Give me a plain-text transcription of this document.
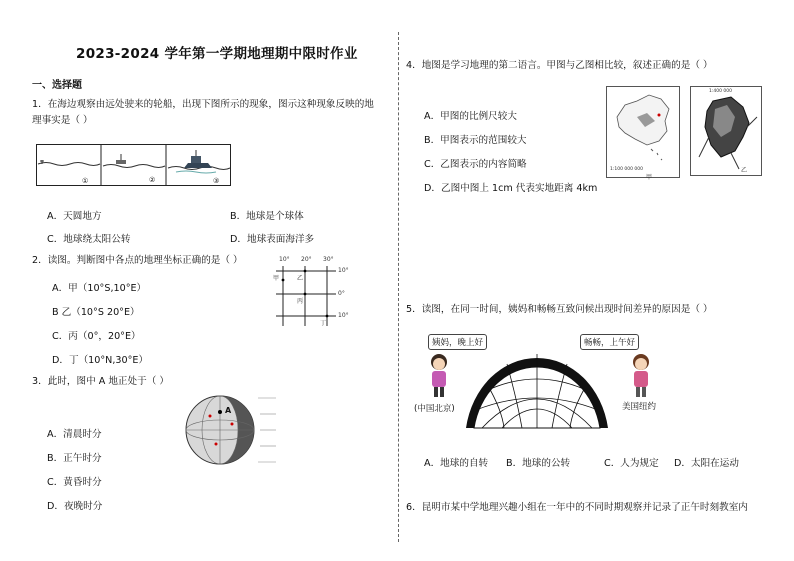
2023-2024 学年第一学期地理期中限时作业
一、选择题
1．在海边观察由远处驶来的轮船，出现下图所示的现象，图示这种现象反映的地
理事实是（ ）
①	②	③
A．天圆地方	B．地球是个球体
C．地球绕太阳公转	D．地球表面海洋多
2．读图。判断图中各点的地理坐标正确的是（ ）
A．甲（10°S,10°E）
B 乙（10°S 20°E）
C．丙（0°，20°E）
D．丁（10°N,30°E）
10° 20° 30°
10°
0°
10°
甲	乙
丙
丁
3．此时，图中 A 地正处于（ ）
A．清晨时分
B．正午时分
C．黄昏时分
D．夜晚时分
A
4．地图是学习地理的第二语言。甲图与乙图相比较，叙述正确的是（ ）
A．甲图的比例尺较大
B．甲图表示的范围较大
C．乙图表示的内容简略
D．乙图中图上 1cm 代表实地距离 4km
1:100 000 000
甲
1:400 000
乙
5．读图，在同一时间，姨妈和畅畅互致问候出现时间差异的原因是（ ）
姨妈，晚上好	畅畅，上午好
(中国北京)	美国纽约
A．地球的自转 B．地球的公转	C．人为规定 D．太阳在运动
6．昆明市某中学地理兴趣小组在一年中的不同时期观察并记录了正午时刻教室内
